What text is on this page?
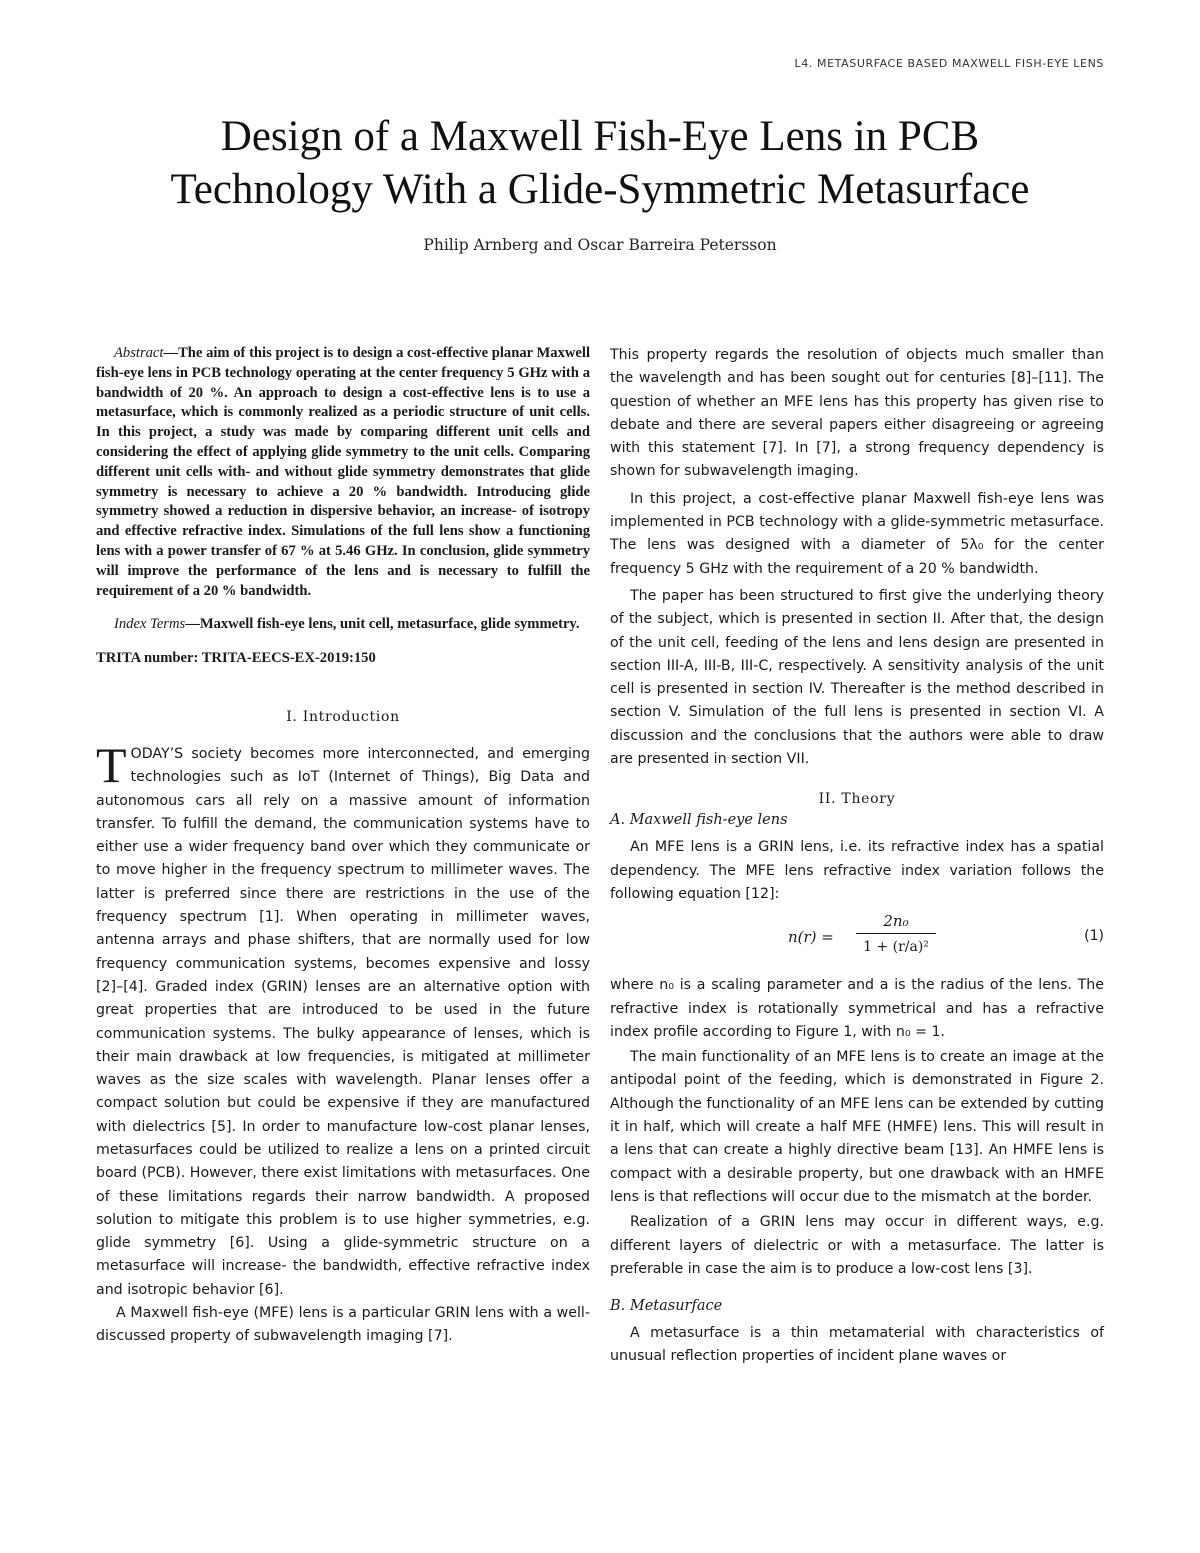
L4. METASURFACE BASED MAXWELL FISH-EYE LENS
Design of a Maxwell Fish-Eye Lens in PCB
Technology With a Glide-Symmetric Metasurface
Philip Arnberg and Oscar Barreira Petersson

Abstract—The aim of this project is to design a cost-effective planar Maxwell fish-eye lens in PCB technology operating at the center frequency 5 GHz with a bandwidth of 20 %. An approach to design a cost-effective lens is to use a metasurface, which is commonly realized as a periodic structure of unit cells. In this project, a study was made by comparing different unit cells and considering the effect of applying glide symmetry to the unit cells. Comparing different unit cells with- and without glide symmetry demonstrates that glide symmetry is necessary to achieve a 20 % bandwidth. Introducing glide symmetry showed a reduction in dispersive behavior, an increase- of isotropy and effective refractive index. Simulations of the full lens show a functioning lens with a power transfer of 67 % at 5.46 GHz. In conclusion, glide symmetry will improve the performance of the lens and is necessary to fulfill the requirement of a 20 % bandwidth.

Index Terms—Maxwell fish-eye lens, unit cell, metasurface, glide symmetry.

TRITA number: TRITA-EECS-EX-2019:150

I. Introduction

TODAY’S society becomes more interconnected, and emerging technologies such as IoT (Internet of Things), Big Data and autonomous cars all rely on a massive amount of information transfer. To fulfill the demand, the communication systems have to either use a wider frequency band over which they communicate or to move higher in the frequency spectrum to millimeter waves. The latter is preferred since there are restrictions in the use of the frequency spectrum [1]. When operating in millimeter waves, antenna arrays and phase shifters, that are normally used for low frequency communication systems, becomes expensive and lossy [2]–[4]. Graded index (GRIN) lenses are an alternative option with great properties that are introduced to be used in the future communication systems. The bulky appearance of lenses, which is their main drawback at low frequencies, is mitigated at millimeter waves as the size scales with wavelength. Planar lenses offer a compact solution but could be expensive if they are manufactured with dielectrics [5]. In order to manufacture low-cost planar lenses, metasurfaces could be utilized to realize a lens on a printed circuit board (PCB). However, there exist limitations with metasurfaces. One of these limitations regards their narrow bandwidth. A proposed solution to mitigate this problem is to use higher symmetries, e.g. glide symmetry [6]. Using a glide-symmetric structure on a metasurface will increase- the bandwidth, effective refractive index and isotropic behavior [6].

A Maxwell fish-eye (MFE) lens is a particular GRIN lens with a well-discussed property of subwavelength imaging [7].

This property regards the resolution of objects much smaller than the wavelength and has been sought out for centuries [8]–[11]. The question of whether an MFE lens has this property has given rise to debate and there are several papers either disagreeing or agreeing with this statement [7]. In [7], a strong frequency dependency is shown for subwavelength imaging.

In this project, a cost-effective planar Maxwell fish-eye lens was implemented in PCB technology with a glide-symmetric metasurface. The lens was designed with a diameter of 5λ₀ for the center frequency 5 GHz with the requirement of a 20 % bandwidth.

The paper has been structured to first give the underlying theory of the subject, which is presented in section II. After that, the design of the unit cell, feeding of the lens and lens design are presented in section III-A, III-B, III-C, respectively. A sensitivity analysis of the unit cell is presented in section IV. Thereafter is the method described in section V. Simulation of the full lens is presented in section VI. A discussion and the conclusions that the authors were able to draw are presented in section VII.

II. Theory
A. Maxwell fish-eye lens

An MFE lens is a GRIN lens, i.e. its refractive index has a spatial dependency. The MFE lens refractive index variation follows the following equation [12]:

n(r) =
2n₀
1 + (r/a)²
(1)

where n₀ is a scaling parameter and a is the radius of the lens. The refractive index is rotationally symmetrical and has a refractive index profile according to Figure 1, with n₀ = 1.

The main functionality of an MFE lens is to create an image at the antipodal point of the feeding, which is demonstrated in Figure 2. Although the functionality of an MFE lens can be extended by cutting it in half, which will create a half MFE (HMFE) lens. This will result in a lens that can create a highly directive beam [13]. An HMFE lens is compact with a desirable property, but one drawback with an HMFE lens is that reflections will occur due to the mismatch at the border.

Realization of a GRIN lens may occur in different ways, e.g. different layers of dielectric or with a metasurface. The latter is preferable in case the aim is to produce a low-cost lens [3].

B. Metasurface

A metasurface is a thin metamaterial with characteristics of unusual reflection properties of incident plane waves or
